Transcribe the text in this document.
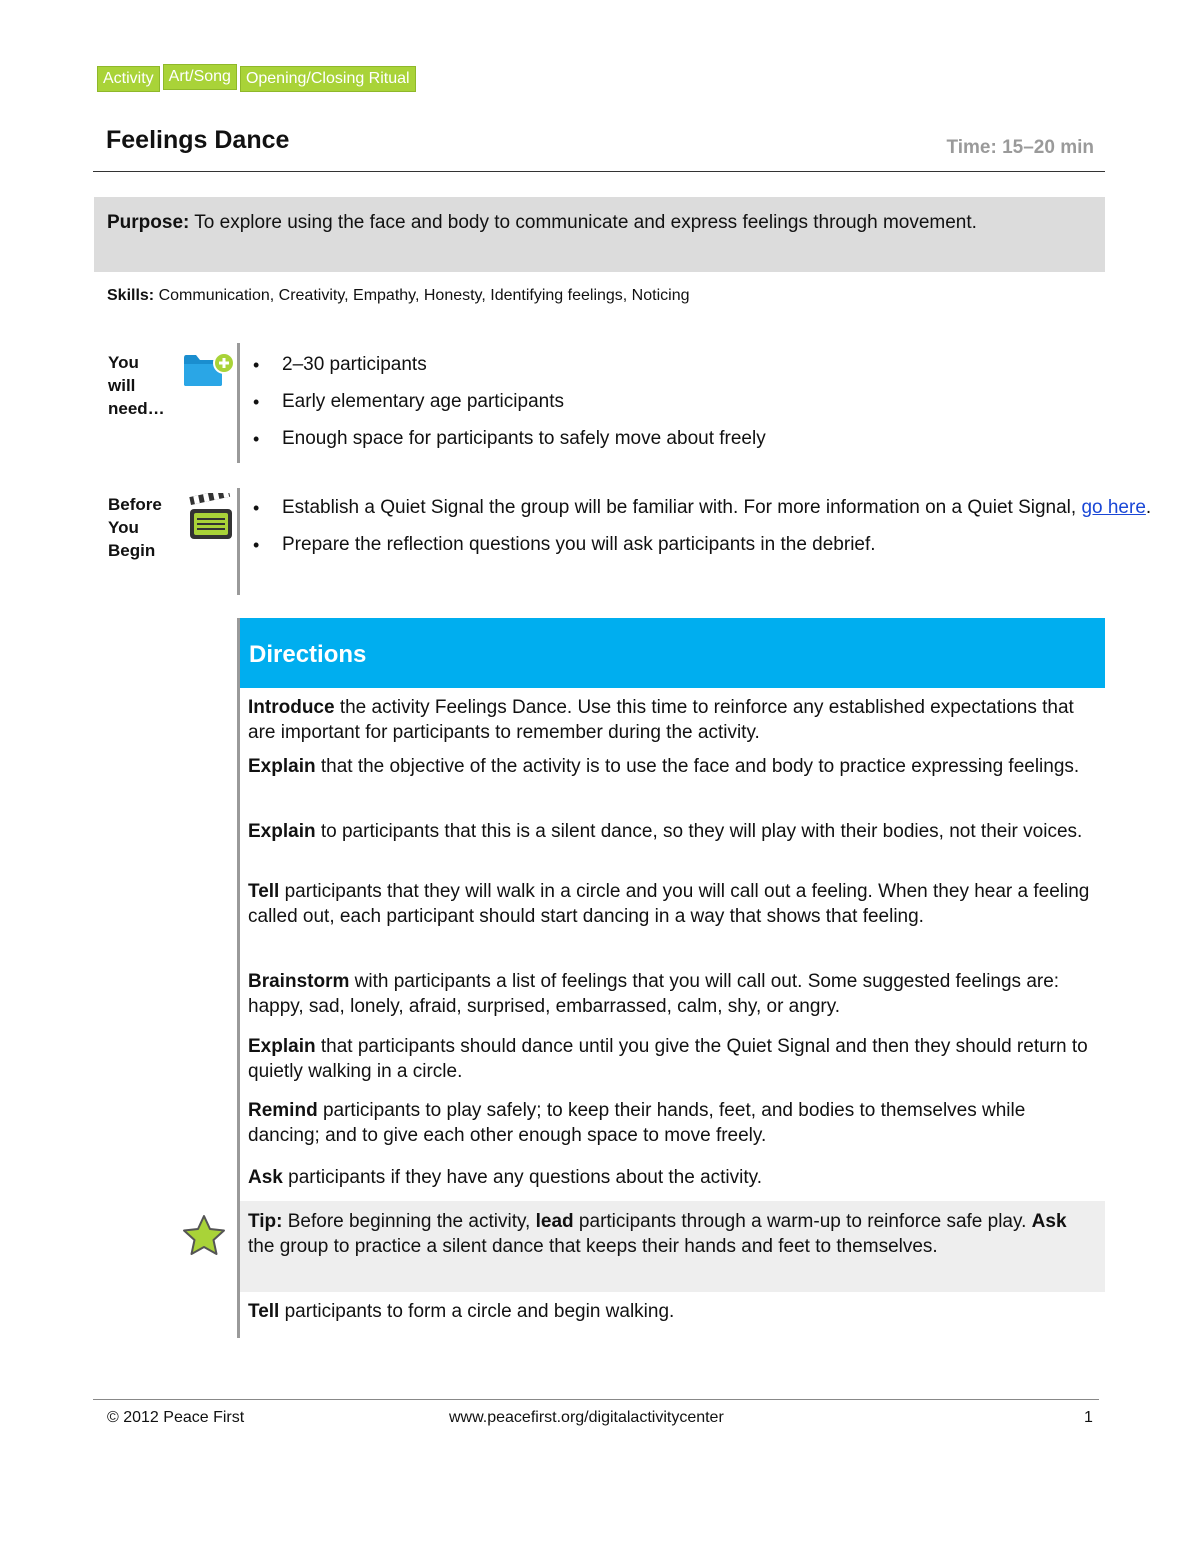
Activity Art/Song Opening/Closing Ritual
Feelings Dance	Time: 15–20 min
Purpose: To explore using the face and body to communicate and express feelings through movement.
Skills: Communication, Creativity, Empathy, Honesty, Identifying feelings, Noticing
You
will
need…
• 2–30 participants
• Early elementary age participants
• Enough space for participants to safely move about freely
Before
You
Begin
• Establish a Quiet Signal the group will be familiar with. For more information on a Quiet Signal, go here.
• Prepare the reflection questions you will ask participants in the debrief.
Directions
Introduce the activity Feelings Dance. Use this time to reinforce any established expectations that are important for participants to remember during the activity.
Explain that the objective of the activity is to use the face and body to practice expressing feelings.
Explain to participants that this is a silent dance, so they will play with their bodies, not their voices.
Tell participants that they will walk in a circle and you will call out a feeling. When they hear a feeling called out, each participant should start dancing in a way that shows that feeling.
Brainstorm with participants a list of feelings that you will call out. Some suggested feelings are: happy, sad, lonely, afraid, surprised, embarrassed, calm, shy, or angry.
Explain that participants should dance until you give the Quiet Signal and then they should return to quietly walking in a circle.
Remind participants to play safely; to keep their hands, feet, and bodies to themselves while dancing; and to give each other enough space to move freely.
Ask participants if they have any questions about the activity.
Tip: Before beginning the activity, lead participants through a warm-up to reinforce safe play. Ask the group to practice a silent dance that keeps their hands and feet to themselves.
Tell participants to form a circle and begin walking.
© 2012 Peace First	www.peacefirst.org/digitalactivitycenter	1
